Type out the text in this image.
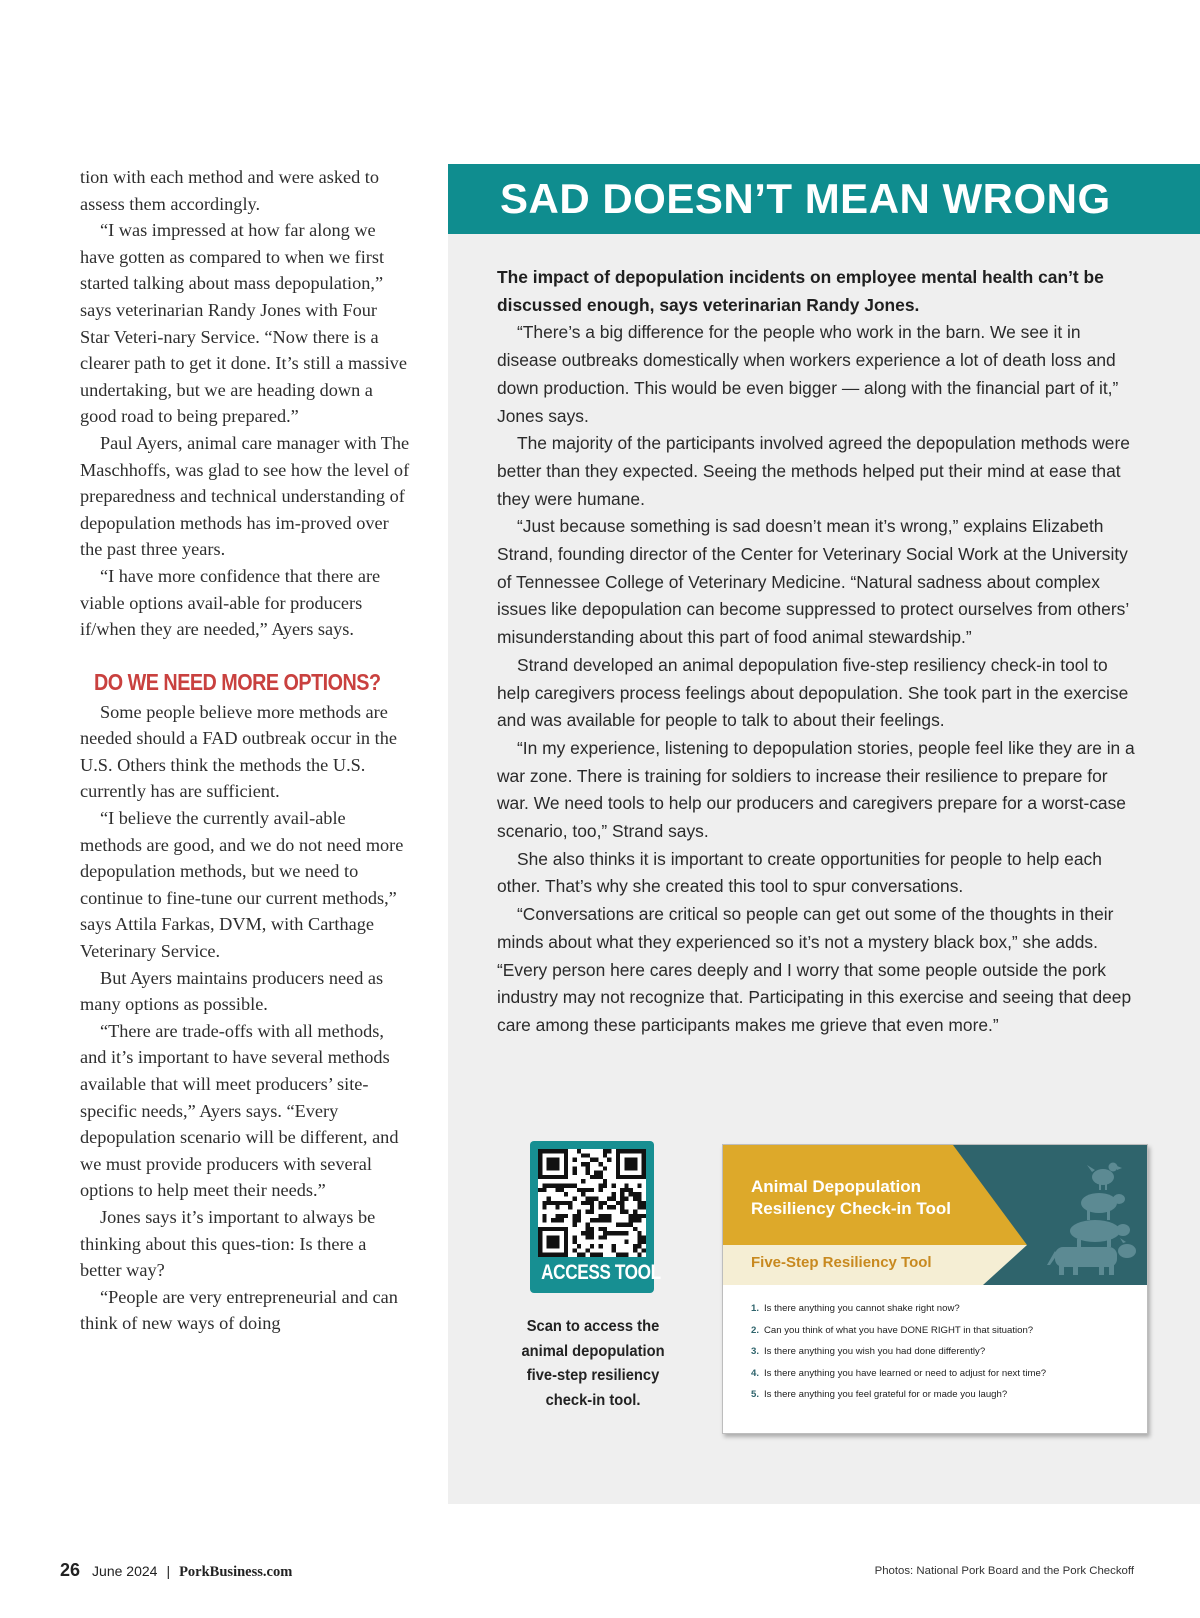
tion with each method and were asked to assess them accordingly.

“I was impressed at how far along we have gotten as compared to when we first started talking about mass depopulation,” says veterinarian Randy Jones with Four Star Veteri-nary Service. “Now there is a clearer path to get it done. It’s still a massive undertaking, but we are heading down a good road to being prepared.”

Paul Ayers, animal care manager with The Maschhoffs, was glad to see how the level of preparedness and technical understanding of depopulation methods has im-proved over the past three years.

“I have more confidence that there are viable options avail-able for producers if/when they are needed,” Ayers says.

DO WE NEED MORE OPTIONS?

Some people believe more methods are needed should a FAD outbreak occur in the U.S. Others think the methods the U.S. currently has are sufficient.

“I believe the currently avail-able methods are good, and we do not need more depopulation methods, but we need to continue to fine-tune our current methods,” says Attila Farkas, DVM, with Carthage Veterinary Service.

But Ayers maintains producers need as many options as possible.

“There are trade-offs with all methods, and it’s important to have several methods available that will meet producers’ site-specific needs,” Ayers says. “Every depopulation scenario will be different, and we must provide producers with several options to help meet their needs.”

Jones says it’s important to always be thinking about this ques-tion: Is there a better way?

“People are very entrepreneurial and can think of new ways of doing

SAD DOESN’T MEAN WRONG

The impact of depopulation incidents on employee mental health can’t be discussed enough, says veterinarian Randy Jones.

“There’s a big difference for the people who work in the barn. We see it in disease outbreaks domestically when workers experience a lot of death loss and down production. This would be even bigger — along with the financial part of it,” Jones says.

The majority of the participants involved agreed the depopulation methods were better than they expected. Seeing the methods helped put their mind at ease that they were humane.

“Just because something is sad doesn’t mean it’s wrong,” explains Elizabeth Strand, founding director of the Center for Veterinary Social Work at the University of Tennessee College of Veterinary Medicine. “Natural sadness about complex issues like depopulation can become suppressed to protect ourselves from others’ misunderstanding about this part of food animal stewardship.”

Strand developed an animal depopulation five-step resiliency check-in tool to help caregivers process feelings about depopulation. She took part in the exercise and was available for people to talk to about their feelings.

“In my experience, listening to depopulation stories, people feel like they are in a war zone. There is training for soldiers to increase their resilience to prepare for war. We need tools to help our producers and caregivers prepare for a worst-case scenario, too,” Strand says.

She also thinks it is important to create opportunities for people to help each other. That’s why she created this tool to spur conversations.

“Conversations are critical so people can get out some of the thoughts in their minds about what they experienced so it’s not a mystery black box,” she adds. “Every person here cares deeply and I worry that some people outside the pork industry may not recognize that. Participating in this exercise and seeing that deep care among these participants makes me grieve that even more.”

ACCESS TOOL

Scan to access the animal depopulation five-step resiliency check-in tool.

Animal Depopulation
Resiliency Check-in Tool
Five-Step Resiliency Tool
1. Is there anything you cannot shake right now?
2. Can you think of what you have DONE RIGHT in that situation?
3. Is there anything you wish you had done differently?
4. Is there anything you have learned or need to adjust for next time?
5. Is there anything you feel grateful for or made you laugh?
26 June 2024 | PorkBusiness.com	Photos: National Pork Board and the Pork Checkoff
